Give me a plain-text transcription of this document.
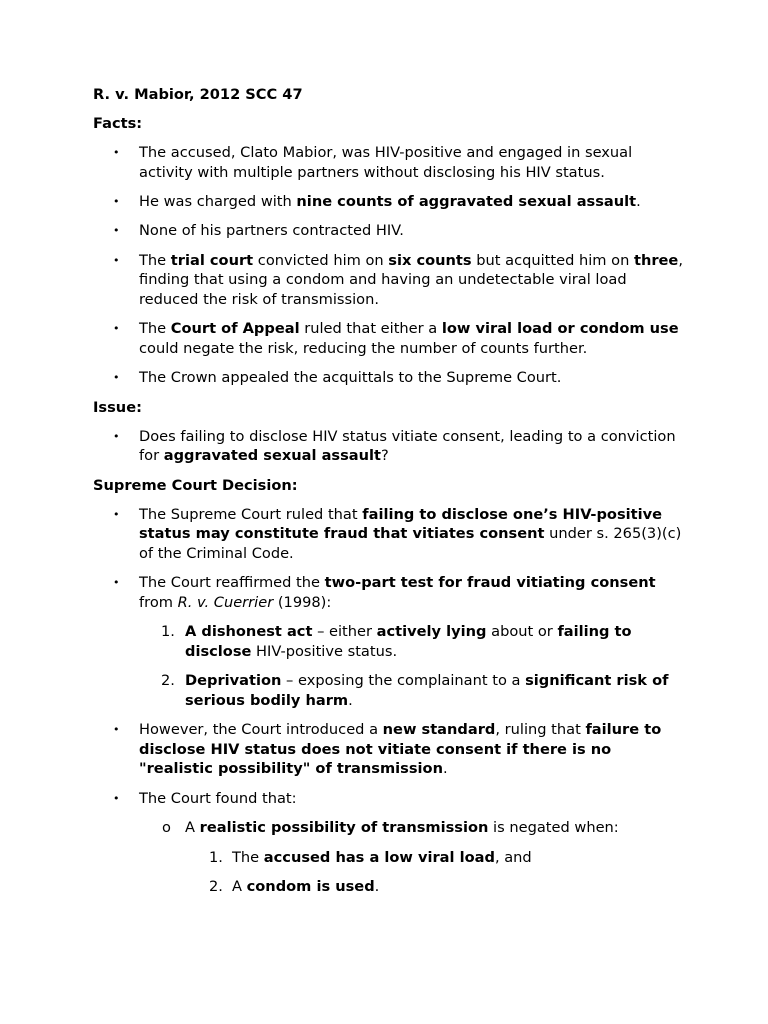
R. v. Mabior, 2012 SCC 47
Facts:
• The accused, Clato Mabior, was HIV-positive and engaged in sexual activity with multiple partners without disclosing his HIV status.
• He was charged with nine counts of aggravated sexual assault.
• None of his partners contracted HIV.
• The trial court convicted him on six counts but acquitted him on three, finding that using a condom and having an undetectable viral load reduced the risk of transmission.
• The Court of Appeal ruled that either a low viral load or condom use could negate the risk, reducing the number of counts further.
• The Crown appealed the acquittals to the Supreme Court.
Issue:
• Does failing to disclose HIV status vitiate consent, leading to a conviction for aggravated sexual assault?
Supreme Court Decision:
• The Supreme Court ruled that failing to disclose one’s HIV-positive status may constitute fraud that vitiates consent under s. 265(3)(c) of the Criminal Code.
• The Court reaffirmed the two-part test for fraud vitiating consent from R. v. Cuerrier (1998):
1. A dishonest act – either actively lying about or failing to disclose HIV-positive status.
2. Deprivation – exposing the complainant to a significant risk of serious bodily harm.
• However, the Court introduced a new standard, ruling that failure to disclose HIV status does not vitiate consent if there is no "realistic possibility" of transmission.
• The Court found that:
o A realistic possibility of transmission is negated when:
1. The accused has a low viral load, and
2. A condom is used.
